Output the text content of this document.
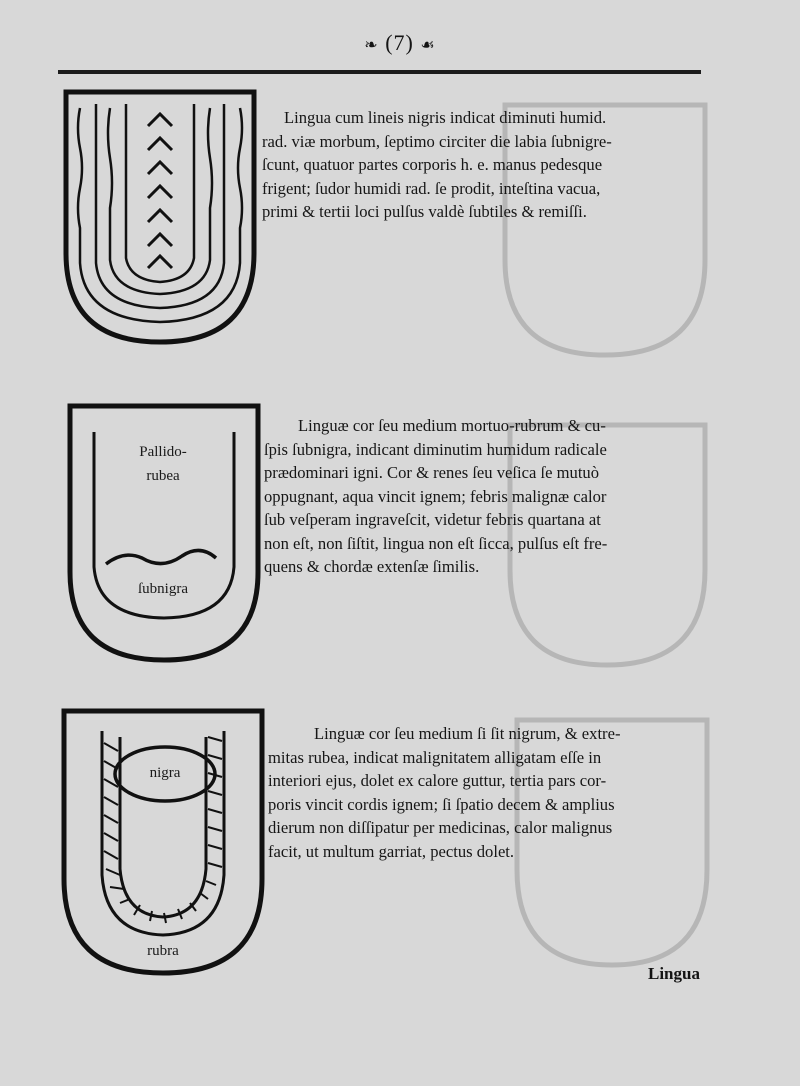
❧ (7) ☙
Lingua cum lineis nigris indicat diminuti humid.
rad. viæ morbum, ſeptimo circiter die labia ſubnigre-
ſcunt, quatuor partes corporis h. e. manus pedesque
frigent; ſudor humidi rad. ſe prodit, inteſtina vacua,
primi & tertii loci pulſus valdè ſubtiles & remiſſi.
Pallido-
rubea
ſubnigra
Linguæ cor ſeu medium mortuo-rubrum & cu-
ſpis ſubnigra, indicant diminutim humidum radicale
prædominari igni. Cor & renes ſeu veſica ſe mutuò
oppugnant, aqua vincit ignem; febris malignæ calor
ſub veſperam ingraveſcit, videtur febris quartana at
non eſt, non ſiſtit, lingua non eſt ſicca, pulſus eſt fre-
quens & chordæ extenſæ ſimilis.
nigra
rubra
Linguæ cor ſeu medium ſi ſit nigrum, & extre-
mitas rubea, indicat malignitatem alligatam eſſe in
interiori ejus, dolet ex calore guttur, tertia pars cor-
poris vincit cordis ignem; ſi ſpatio decem & amplius
dierum non diſſipatur per medicinas, calor malignus
facit, ut multum garriat, pectus dolet.
Lingua
